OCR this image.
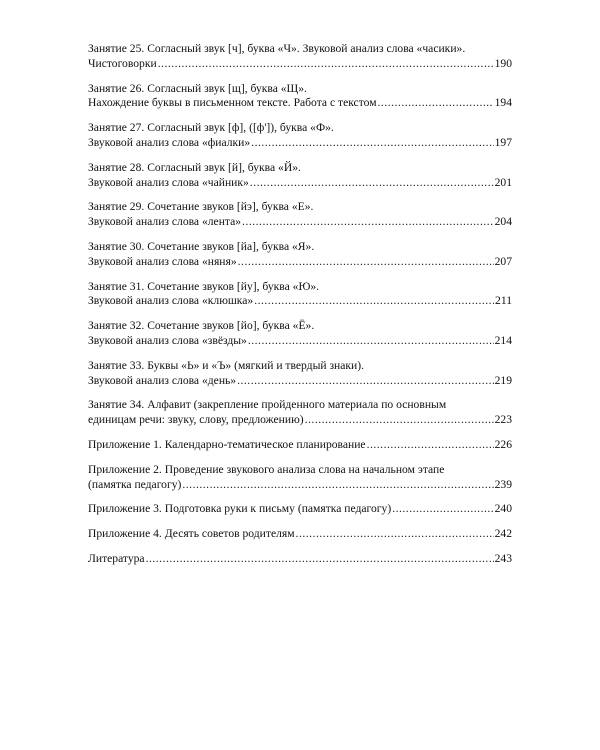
Занятие 25. Согласный звук [ч], буква «Ч». Звуковой анализ слова «часики».
Чистоговорки .....	190
Занятие 26. Согласный звук [щ], буква «Щ».
Нахождение буквы в письменном тексте. Работа с текстом .....	194
Занятие 27. Согласный звук [ф], ([ф']), буква «Ф».
Звуковой анализ слова «фиалки» .....	197
Занятие 28. Согласный звук [й], буква «Й».
Звуковой анализ слова «чайник» .....	201
Занятие 29. Сочетание звуков [йэ], буква «Е».
Звуковой анализ слова «лента» .....	204
Занятие 30. Сочетание звуков [йа], буква «Я».
Звуковой анализ слова «няня» .....	207
Занятие 31. Сочетание звуков [йу], буква «Ю».
Звуковой анализ слова «клюшка» .....	211
Занятие 32. Сочетание звуков [йо], буква «Ё».
Звуковой анализ слова «звёзды» .....	214
Занятие 33. Буквы «Ь» и «Ъ» (мягкий и твердый знаки).
Звуковой анализ слова «день» .....	219
Занятие 34. Алфавит (закрепление пройденного материала по основным
единицам речи: звуку, слову, предложению) .....	223
Приложение 1. Календарно-тематическое планирование .....	226
Приложение 2. Проведение звукового анализа слова на начальном этапе
(памятка педагогу) .....	239
Приложение 3. Подготовка руки к письму (памятка педагогу) .....	240
Приложение 4. Десять советов родителям .....	242
Литература .....	243
